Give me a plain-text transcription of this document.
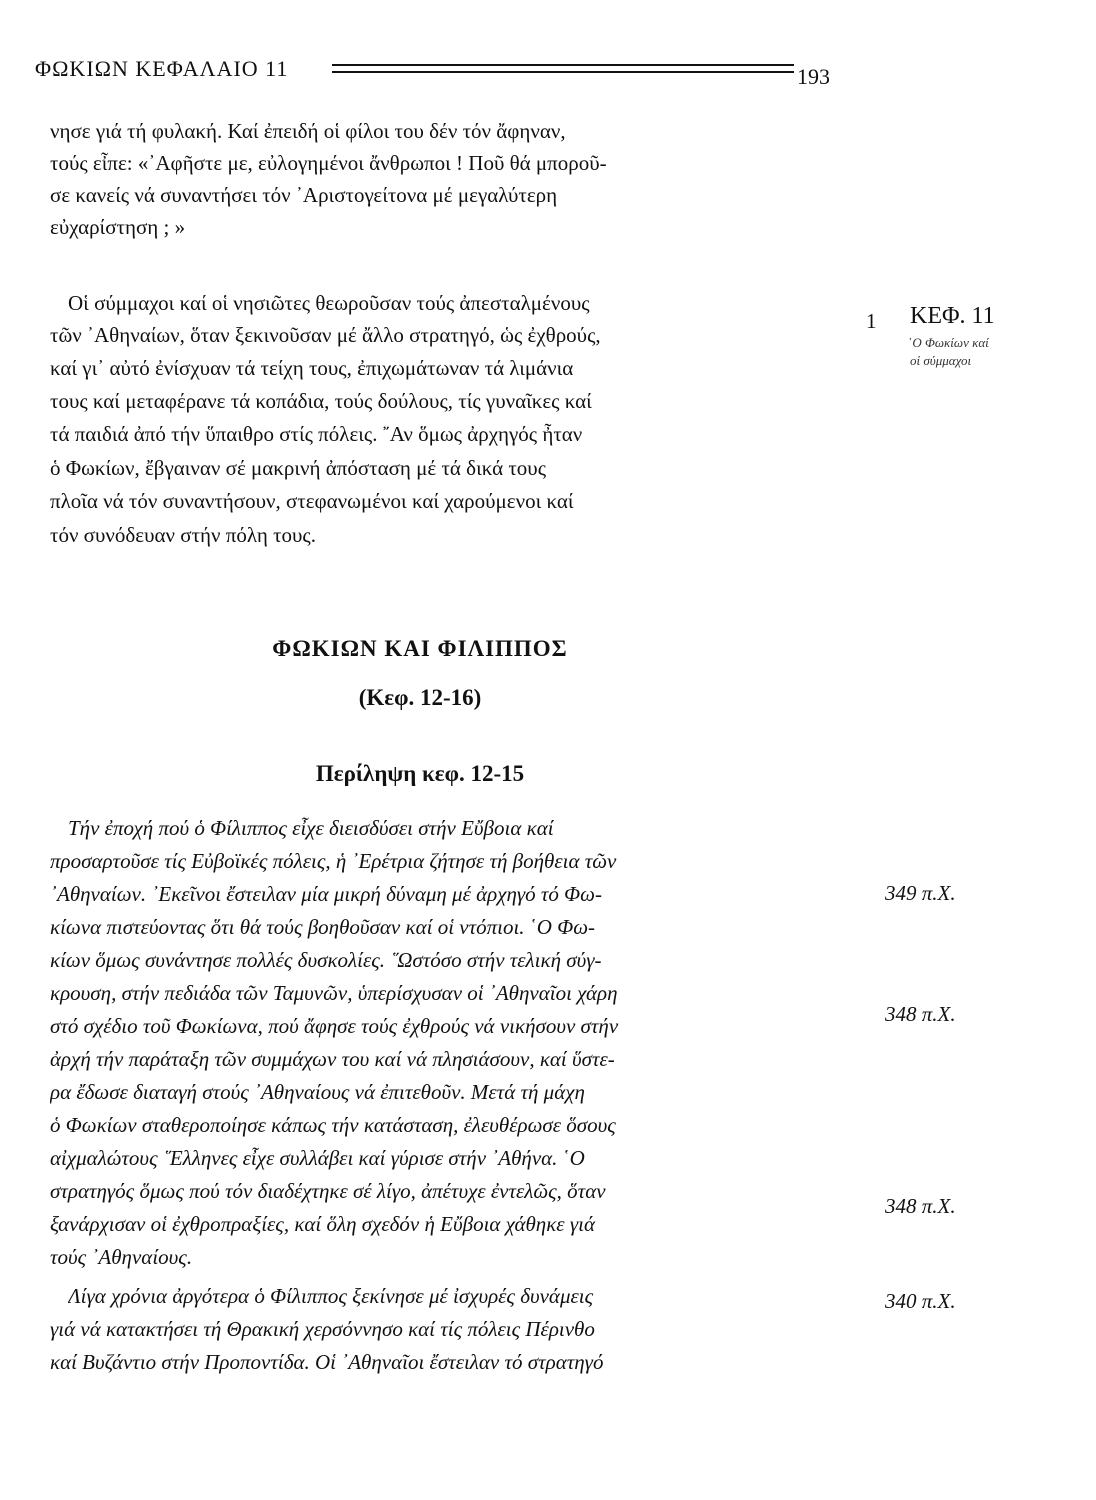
ΦΩΚΙΩΝ ΚΕΦΑΛΑΙΟ 11	193
νησε γιά τή φυλακή. Καί ἐπειδή οἱ φίλοι του δέν τόν ἄφηναν,
τούς εἶπε: «᾿Αφῆστε με, εὐλογημένοι ἄνθρωποι ! Ποῦ θά μποροῦ-
σε κανείς νά συναντήσει τόν ᾿Αριστογείτονα μέ μεγαλύτερη
εὐχαρίστηση ; »
Οἱ σύμμαχοι καί οἱ νησιῶτες θεωροῦσαν τούς ἀπεσταλμένους
τῶν ᾿Αθηναίων, ὅταν ξεκινοῦσαν μέ ἄλλο στρατηγό, ὡς ἐχθρούς,
καί γι᾿ αὐτό ἐνίσχυαν τά τείχη τους, ἐπιχωμάτωναν τά λιμάνια
τους καί μεταφέρανε τά κοπάδια, τούς δούλους, τίς γυναῖκες καί
τά παιδιά ἀπό τήν ὕπαιθρο στίς πόλεις. ῎Αν ὅμως ἀρχηγός ἦταν
ὁ Φωκίων, ἔβγαιναν σέ μακρινή ἀπόσταση μέ τά δικά τους
πλοῖα νά τόν συναντήσουν, στεφανωμένοι καί χαρούμενοι καί
τόν συνόδευαν στήν πόλη τους.
1 ΚΕΦ. 11
῾Ο Φωκίων καί
οἱ σύμμαχοι
ΦΩΚΙΩΝ ΚΑΙ ΦΙΛΙΠΠΟΣ
(Κεφ. 12-16)
Περίληψη κεφ. 12-15
Τήν ἐποχή πού ὁ Φίλιππος εἶχε διεισδύσει στήν Εὔβοια καί
προσαρτοῦσε τίς Εὐβοϊκές πόλεις, ἡ ᾿Ερέτρια ζήτησε τή βοήθεια τῶν
᾿Αθηναίων. ᾿Εκεῖνοι ἔστειλαν μία μικρή δύναμη μέ ἀρχηγό τό Φω-
κίωνα πιστεύοντας ὅτι θά τούς βοηθοῦσαν καί οἱ ντόπιοι. ῾Ο Φω-
κίων ὅμως συνάντησε πολλές δυσκολίες. ῞Ωστόσο στήν τελική σύγ-
κρουση, στήν πεδιάδα τῶν Ταμυνῶν, ὑπερίσχυσαν οἱ ᾿Αθηναῖοι χάρη
στό σχέδιο τοῦ Φωκίωνα, πού ἄφησε τούς ἐχθρούς νά νικήσουν στήν
ἀρχή τήν παράταξη τῶν συμμάχων του καί νά πλησιάσουν, καί ὕστε-
ρα ἔδωσε διαταγή στούς ᾿Αθηναίους νά ἐπιτεθοῦν. Μετά τή μάχη
ὁ Φωκίων σταθεροποίησε κάπως τήν κατάσταση, ἐλευθέρωσε ὅσους
αἰχμαλώτους ῞Ελληνες εἶχε συλλάβει καί γύρισε στήν ᾿Αθήνα. ῾Ο
στρατηγός ὅμως πού τόν διαδέχτηκε σέ λίγο, ἀπέτυχε ἐντελῶς, ὅταν
ξανάρχισαν οἱ ἐχθροπραξίες, καί ὅλη σχεδόν ἡ Εὔβοια χάθηκε γιά
τούς ᾿Αθηναίους.
Λίγα χρόνια ἀργότερα ὁ Φίλιππος ξεκίνησε μέ ἰσχυρές δυνάμεις
γιά νά κατακτήσει τή Θρακική χερσόννησο καί τίς πόλεις Πέρινθο
καί Βυζάντιο στήν Προποντίδα. Οἱ ᾿Αθηναῖοι ἔστειλαν τό στρατηγό
349 π.Χ.
348 π.Χ.
348 π.Χ.
340 π.Χ.
